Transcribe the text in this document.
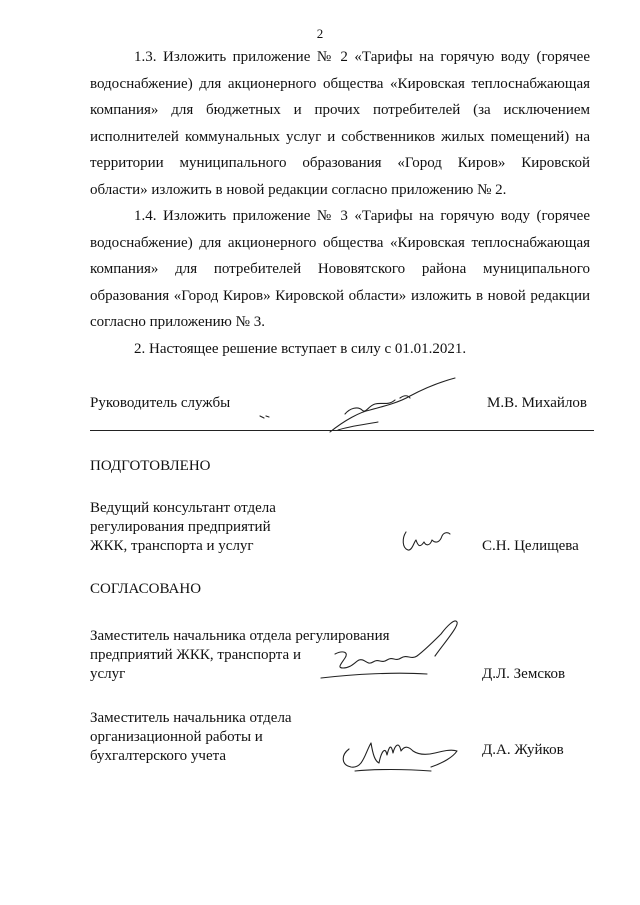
2

1.3. Изложить приложение № 2 «Тарифы на горячую воду (горячее водоснабжение) для акционерного общества «Кировская теплоснабжающая компания» для бюджетных и прочих потребителей (за исключением исполнителей коммунальных услуг и собственников жилых помещений) на территории муниципального образования «Город Киров» Кировской области» изложить в новой редакции согласно приложению № 2.

1.4. Изложить приложение № 3 «Тарифы на горячую воду (горячее водоснабжение) для акционерного общества «Кировская теплоснабжающая компания» для потребителей Нововятского района муниципального образования «Город Киров» Кировской области» изложить в новой редакции согласно приложению № 3.

2. Настоящее решение вступает в силу с 01.01.2021.

Руководитель службы	М.В. Михайлов
ПОДГОТОВЛЕНО
Ведущий консультант отдела
регулирования предприятий
ЖКК, транспорта и услуг	С.Н. Целищева
СОГЛАСОВАНО
Заместитель начальника отдела регулирования
предприятий ЖКК, транспорта и
услуг	Д.Л. Земсков
Заместитель начальника отдела
организационной работы и
бухгалтерского учета	Д.А. Жуйков
